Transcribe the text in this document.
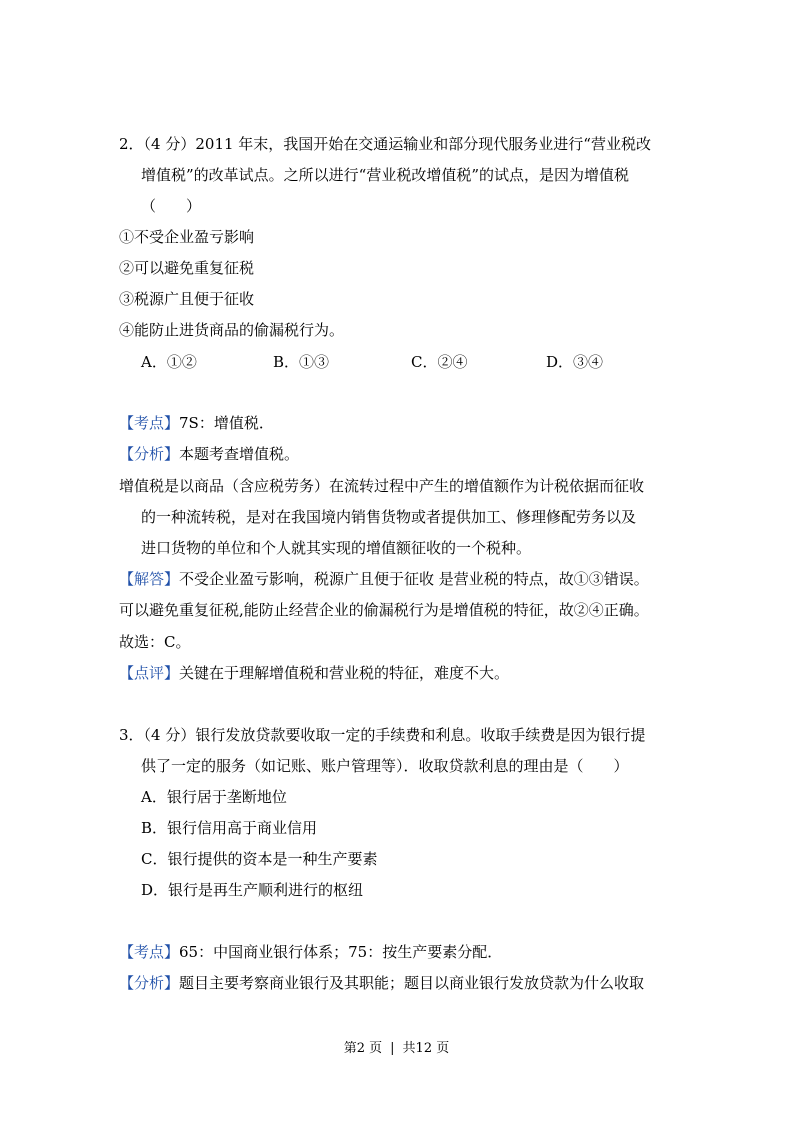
2．（4 分）2011 年末，我国开始在交通运输业和部分现代服务业进行“营业税改
增值税”的改革试点。之所以进行“营业税改增值税”的试点，是因为增值税
（　　）
①不受企业盈亏影响
②可以避免重复征税
③税源广且便于征收
④能防止进货商品的偷漏税行为。
A．①②	B．①③	C．②④	D．③④
【考点】7S：增值税．
【分析】本题考查增值税。
增值税是以商品（含应税劳务）在流转过程中产生的增值额作为计税依据而征收
的一种流转税，是对在我国境内销售货物或者提供加工、修理修配劳务以及
进口货物的单位和个人就其实现的增值额征收的一个税种。
【解答】不受企业盈亏影响，税源广且便于征收 是营业税的特点，故①③错误。
可以避免重复征税,能防止经营企业的偷漏税行为是增值税的特征，故②④正确。
故选：C。
【点评】关键在于理解增值税和营业税的特征，难度不大。
3．（4 分）银行发放贷款要收取一定的手续费和利息。收取手续费是因为银行提
供了一定的服务（如记账、账户管理等）．收取贷款利息的理由是（　　）
A．银行居于垄断地位
B．银行信用高于商业信用
C．银行提供的资本是一种生产要素
D．银行是再生产顺利进行的枢纽
【考点】65：中国商业银行体系；75：按生产要素分配．
【分析】题目主要考察商业银行及其职能；题目以商业银行发放贷款为什么收取
第2 页 | 共12 页
